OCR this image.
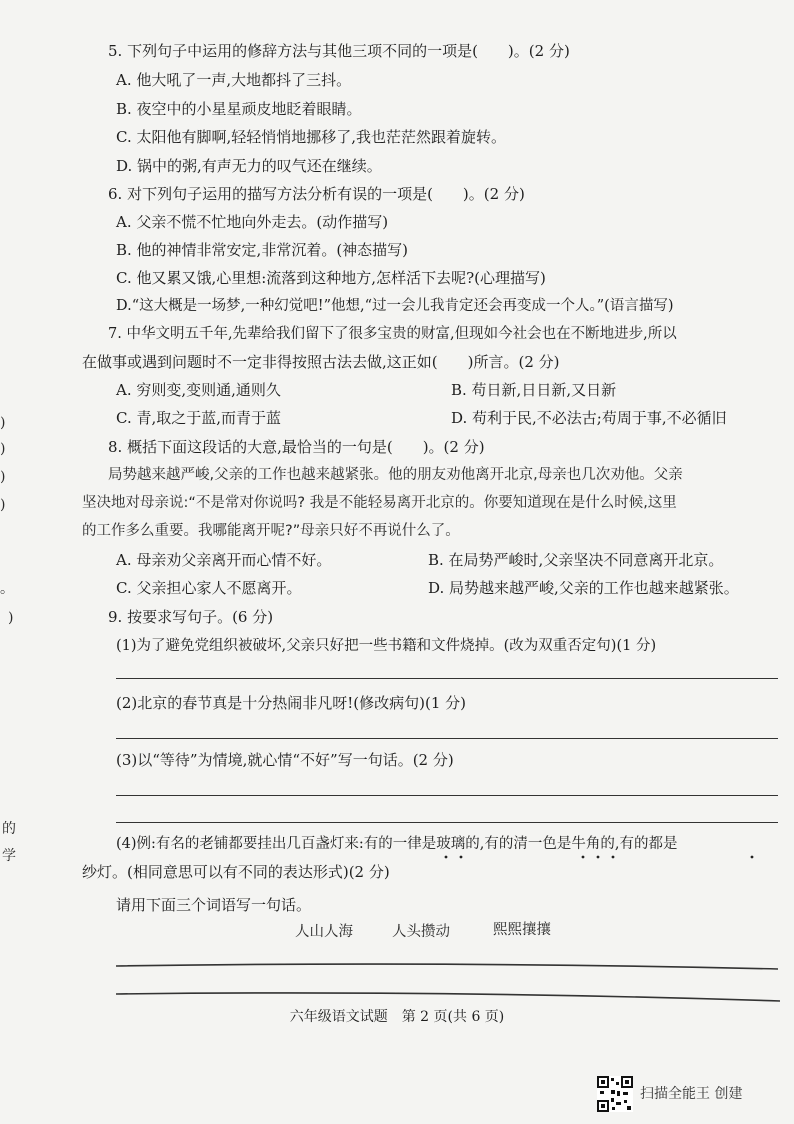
)
)
)
)
。
)
的
学
5. 下列句子中运用的修辞方法与其他三项不同的一项是(　　)。(2 分)
A. 他大吼了一声,大地都抖了三抖。
B. 夜空中的小星星顽皮地眨着眼睛。
C. 太阳他有脚啊,轻轻悄悄地挪移了,我也茫茫然跟着旋转。
D. 锅中的粥,有声无力的叹气还在继续。
6. 对下列句子运用的描写方法分析有误的一项是(　　)。(2 分)
A. 父亲不慌不忙地向外走去。(动作描写)
B. 他的神情非常安定,非常沉着。(神态描写)
C. 他又累又饿,心里想:流落到这种地方,怎样活下去呢?(心理描写)
D.“这大概是一场梦,一种幻觉吧!”他想,“过一会儿我肯定还会再变成一个人。”(语言描写)
7. 中华文明五千年,先辈给我们留下了很多宝贵的财富,但现如今社会也在不断地进步,所以
在做事或遇到问题时不一定非得按照古法去做,这正如(　　)所言。(2 分)
A. 穷则变,变则通,通则久	B. 苟日新,日日新,又日新
C. 青,取之于蓝,而青于蓝	D. 苟利于民,不必法古;苟周于事,不必循旧
8. 概括下面这段话的大意,最恰当的一句是(　　)。(2 分)
局势越来越严峻,父亲的工作也越来越紧张。他的朋友劝他离开北京,母亲也几次劝他。父亲
坚决地对母亲说:“不是常对你说吗? 我是不能轻易离开北京的。你要知道现在是什么时候,这里
的工作多么重要。我哪能离开呢?”母亲只好不再说什么了。
A. 母亲劝父亲离开而心情不好。	B. 在局势严峻时,父亲坚决不同意离开北京。
C. 父亲担心家人不愿离开。	D. 局势越来越严峻,父亲的工作也越来越紧张。
9. 按要求写句子。(6 分)
(1)为了避免党组织被破坏,父亲只好把一些书籍和文件烧掉。(改为双重否定句)(1 分)
(2)北京的春节真是十分热闹非凡呀!(修改病句)(1 分)
(3)以“等待”为情境,就心情“不好”写一句话。(2 分)
(4)例:有名的老铺都要挂出几百盏灯来:有的一律是玻璃的,有的清一色是牛角的,有的都是
纱灯。(相同意思可以有不同的表达形式)(2 分)
请用下面三个词语写一句话。
人山人海	人头攒动	熙熙攘攘
六年级语文试题　第 2 页(共 6 页)
扫描全能王 创建
